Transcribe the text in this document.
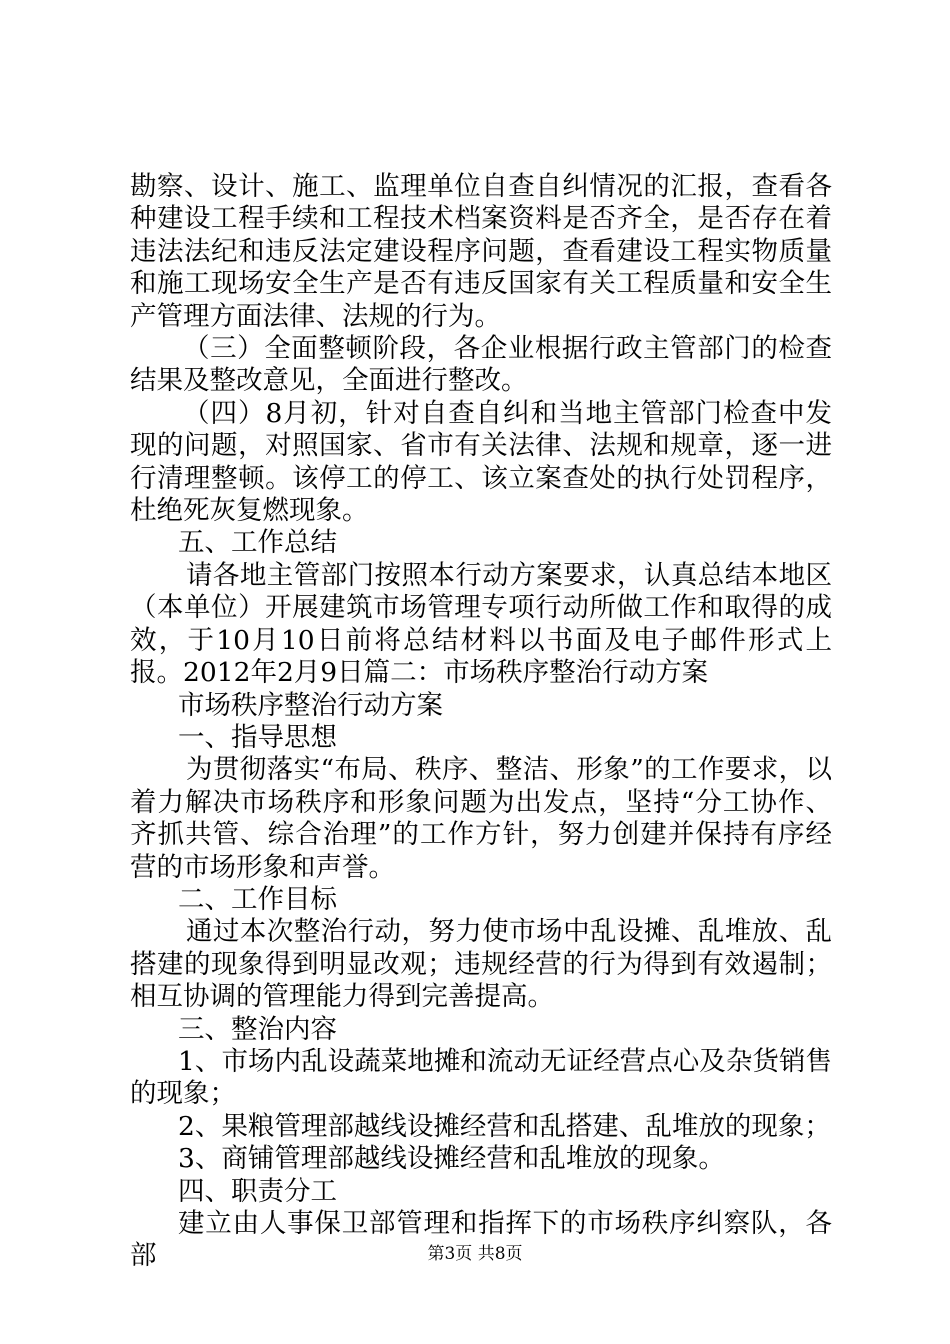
勘察、设计、施工、监理单位自查自纠情况的汇报，查看各种建设工程手续和工程技术档案资料是否齐全，是否存在着违法法纪和违反法定建设程序问题，查看建设工程实物质量和施工现场安全生产是否有违反国家有关工程质量和安全生产管理方面法律、法规的行为。

（三）全面整顿阶段，各企业根据行政主管部门的检查结果及整改意见，全面进行整改。

（四）8月初，针对自查自纠和当地主管部门检查中发现的问题，对照国家、省市有关法律、法规和规章，逐一进行清理整顿。该停工的停工、该立案查处的执行处罚程序，杜绝死灰复燃现象。

五、工作总结

请各地主管部门按照本行动方案要求，认真总结本地区（本单位）开展建筑市场管理专项行动所做工作和取得的成效，于10月10日前将总结材料以书面及电子邮件形式上报。2012年2月9日篇二：市场秩序整治行动方案

市场秩序整治行动方案

一、指导思想

为贯彻落实“布局、秩序、整洁、形象”的工作要求，以着力解决市场秩序和形象问题为出发点，坚持“分工协作、齐抓共管、综合治理”的工作方针，努力创建并保持有序经营的市场形象和声誉。

二、工作目标

通过本次整治行动，努力使市场中乱设摊、乱堆放、乱搭建的现象得到明显改观；违规经营的行为得到有效遏制；相互协调的管理能力得到完善提高。

三、整治内容

1、市场内乱设蔬菜地摊和流动无证经营点心及杂货销售的现象；

2、果粮管理部越线设摊经营和乱搭建、乱堆放的现象；

3、商铺管理部越线设摊经营和乱堆放的现象。

四、职责分工

建立由人事保卫部管理和指挥下的市场秩序纠察队，各部	第3页 共8页
